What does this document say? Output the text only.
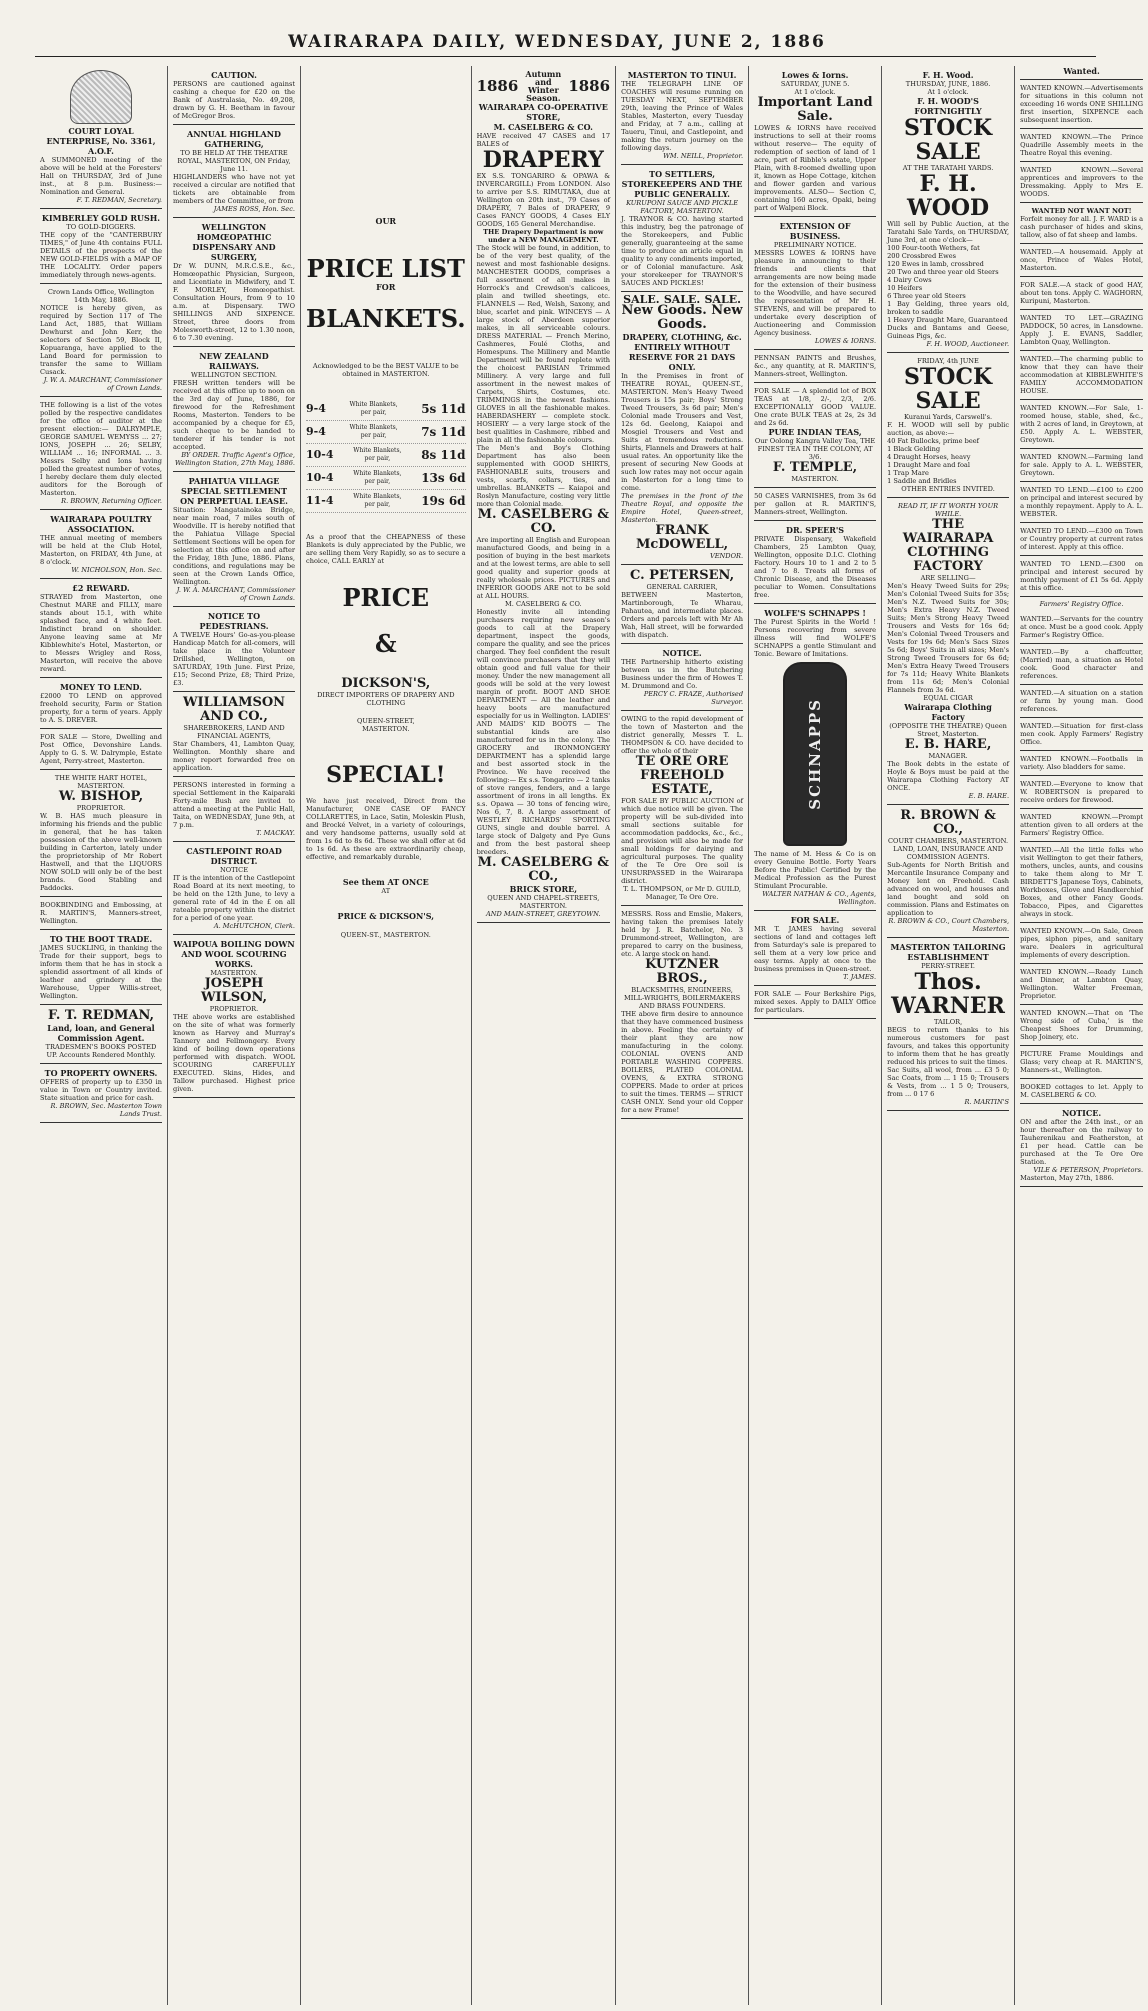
WAIRARAPA DAILY, WEDNESDAY, JUNE 2, 1886
COURT LOYAL ENTERPRISE, No. 3361, A.O.F.
A SUMMONED meeting of the above will be held at the Foresters' Hall on THURSDAY, 3rd of June inst., at 8 p.m. Business:—Nomination and General.
F. T. REDMAN, Secretary.
KIMBERLEY GOLD RUSH.
TO GOLD-DIGGERS.
THE copy of the "CANTERBURY TIMES," of June 4th contains FULL DETAILS of the prospects of the NEW GOLD-FIELDS with a MAP OF THE LOCALITY. Order papers immediately through news-agents.
Crown Lands Office, Wellington 14th May, 1886.
NOTICE is hereby given, as required by Section 117 of The Land Act, 1885, that William Dewhurst and John Kerr, the selectors of Section 59, Block II, Kopuaranga, have applied to the Land Board for permission to transfer the same to William Cusack.
J. W. A. MARCHANT, Commissioner of Crown Lands.
THE following is a list of the votes polled by the respective candidates for the office of auditor at the present election:— DALRYMPLE, GEORGE SAMUEL WEMYSS ... 27; IONS, JOSEPH ... 26; SELBY, WILLIAM ... 16; INFORMAL ... 3. Messrs Selby and Ions having polled the greatest number of votes, I hereby declare them duly elected auditors for the Borough of Masterton.
R. BROWN, Returning Officer.
WAIRARAPA POULTRY ASSOCIATION.
THE annual meeting of members will be held at the Club Hotel, Masterton, on FRIDAY, 4th June, at 8 o'clock.
W. NICHOLSON, Hon. Sec.
£2 REWARD.
STRAYED from Masterton, one Chestnut MARE and FILLY, mare stands about 15.1, with white splashed face, and 4 white feet. Indistinct brand on shoulder. Anyone leaving same at Mr Kibblewhite's Hotel, Masterton, or to Messrs Wrigley and Ross, Masterton, will receive the above reward.
MONEY TO LEND.
£2000 TO LEND on approved freehold security, Farm or Station property, for a term of years. Apply to A. S. DREVER.
FOR SALE — Store, Dwelling and Post Office, Devonshire Lands. Apply to G. S. W. Dalrymple, Estate Agent, Perry-street, Masterton.
THE WHITE HART HOTEL, MASTERTON.
W. BISHOP,
PROPRIETOR.
W. B. HAS much pleasure in informing his friends and the public in general, that he has taken possession of the above well-known building in Carterton, lately under the proprietorship of Mr Robert Hastwell, and that the LIQUORS NOW SOLD will only be of the best brands. Good Stabling and Paddocks.
BOOKBINDING and Embossing, at R. MARTIN'S, Manners-street, Wellington.
TO THE BOOT TRADE.
JAMES SUCKLING, in thanking the Trade for their support, begs to inform them that he has in stock a splendid assortment of all kinds of leather and grindery at the Warehouse, Upper Willis-street, Wellington.
F. T. REDMAN,
Land, loan, and General Commission Agent.
TRADESMEN'S BOOKS POSTED UP. Accounts Rendered Monthly.
TO PROPERTY OWNERS.
OFFERS of property up to £350 in value in Town or Country invited. State situation and price for cash.
R. BROWN, Sec. Masterton Town Lands Trust.
CAUTION.
PERSONS are cautioned against cashing a cheque for £20 on the Bank of Australasia, No. 49,208, drawn by G. H. Beetham in favour of McGregor Bros.
ANNUAL HIGHLAND GATHERING,
TO BE HELD AT THE THEATRE ROYAL, MASTERTON, ON Friday, June 11.
HIGHLANDERS who have not yet received a circular are notified that tickets are obtainable from members of the Committee, or from
JAMES ROSS, Hon. Sec.
WELLINGTON HOMŒOPATHIC DISPENSARY AND SURGERY,
Dr W. DUNN, M.R.C.S.E., &c., Homœopathic Physician, Surgeon, and Licentiate in Midwifery, and T. F. MORLEY, Homœopathist. Consultation Hours, from 9 to 10 a.m. at Dispensary. TWO SHILLINGS AND SIXPENCE. Street, three doors from Molesworth-street, 12 to 1.30 noon, 6 to 7.30 evening.
NEW ZEALAND RAILWAYS.
WELLINGTON SECTION.
FRESH written tenders will be received at this office up to noon on the 3rd day of June, 1886, for firewood for the Refreshment Rooms, Masterton. Tenders to be accompanied by a cheque for £5, such cheque to be handed to tenderer if his tender is not accepted.
BY ORDER. Traffic Agent's Office, Wellington Station, 27th May, 1886.
PAHIATUA VILLAGE SPECIAL SETTLEMENT ON PERPETUAL LEASE.
Situation: Mangatainoka Bridge, near main road, 7 miles south of Woodville. IT is hereby notified that the Pahiatua Village Special Settlement Sections will be open for selection at this office on and after the Friday, 18th June, 1886. Plans, conditions, and regulations may be seen at the Crown Lands Office, Wellington.
J. W. A. MARCHANT, Commissioner of Crown Lands.
NOTICE TO PEDESTRIANS.
A TWELVE Hours' Go-as-you-please Handicap Match for all-comers, will take place in the Volunteer Drillshed, Wellington, on SATURDAY, 19th June. First Prize, £15; Second Prize, £8; Third Prize, £3.
WILLIAMSON AND CO.,
SHAREBROKERS, LAND AND FINANCIAL AGENTS,
Star Chambers, 41, Lambton Quay, Wellington. Monthly share and money report forwarded free on application.
PERSONS interested in forming a special Settlement in the Kaiparaki Forty-mile Bush are invited to attend a meeting at the Public Hall, Taita, on WEDNESDAY, June 9th, at 7 p.m.
T. MACKAY.
CASTLEPOINT ROAD DISTRICT.
NOTICE
IT is the intention of the Castlepoint Road Board at its next meeting, to be held on the 12th June, to levy a general rate of 4d in the £ on all rateable property within the district for a period of one year.
A. McHUTCHON, Clerk.
WAIPOUA BOILING DOWN AND WOOL SCOURING WORKS.
MASTERTON.
JOSEPH WILSON,
PROPRIETOR.
THE above works are established on the site of what was formerly known as Harvey and Murray's Tannery and Fellmongery. Every kind of boiling down operations performed with dispatch. WOOL SCOURING CAREFULLY EXECUTED. Skins, Hides, and Tallow purchased. Highest price given.
OUR
PRICE LIST
FOR
BLANKETS.
Acknowledged to be the BEST VALUE to be obtained in MASTERTON.
9-4	White Blankets, per pair,	5s 11d
9-4	White Blankets, per pair,	7s 11d
10-4	White Blankets, per pair,	8s 11d
10-4	White Blankets, per pair,	13s 6d
11-4	White Blankets, per pair,	19s 6d
As a proof that the CHEAPNESS of these Blankets is duly appreciated by the Public, we are selling them Very Rapidly, so as to secure a choice, CALL EARLY at
PRICE
&
DICKSON'S,
DIRECT IMPORTERS OF DRAPERY AND CLOTHING
QUEEN-STREET,
MASTERTON.
SPECIAL!
We have just received, Direct from the Manufacturer, ONE CASE OF FANCY COLLARETTES, in Lace, Satin, Moleskin Plush, and Brocké Velvet, in a variety of colourings, and very handsome patterns, usually sold at from 1s 6d to 8s 6d. These we shall offer at 6d to 1s 6d. As these are extraordinarily cheap, effective, and remarkably durable,
See them AT ONCE
AT
PRICE & DICKSON'S,
QUEEN-ST., MASTERTON.
1886
Autumn and Winter Season.
1886
WAIRARAPA CO-OPERATIVE STORE,
M. CASELBERG & CO.
HAVE received 47 CASES and 17 BALES of
DRAPERY
EX S.S. TONGARIRO & OPAWA & INVERCARGILL) From LONDON. Also to arrive per S.S. RIMUTAKA, due at Wellington on 20th inst., 79 Cases of DRAPERY, 7 Bales of DRAPERY, 9 Cases FANCY GOODS, 4 Cases ELY GOODS, 165 General Merchandise.
THE Drapery Department is now under a NEW MANAGEMENT.
The Stock will be found, in addition, to be of the very best quality, of the newest and most fashionable designs. MANCHESTER GOODS, comprises a full assortment of all makes in Horrock's and Crewdson's calicoes, plain and twilled sheetings, etc. FLANNELS — Red, Welsh, Saxony, and blue, scarlet and pink. WINCEYS — A large stock of Aberdeen superior makes, in all serviceable colours. DRESS MATERIAL — French Merino, Cashmeres, Foulé Cloths, and Homespuns. The Millinery and Mantle Department will be found replete with the choicest PARISIAN Trimmed Millinery. A very large and full assortment in the newest makes of Carpets, Shirts, Costumes, etc. TRIMMINGS in the newest fashions. GLOVES in all the fashionable makes. HABERDASHERY — complete stock. HOSIERY — a very large stock of the best qualities in Cashmere, ribbed and plain in all the fashionable colours.
The Men's and Boy's Clothing Department has also been supplemented with GOOD SHIRTS, FASHIONABLE suits, trousers and vests, scarfs, collars, ties, and umbrellas. BLANKETS — Kaiapoi and Roslyn Manufacture, costing very little more than Colonial made.
M. CASELBERG & CO.
Are importing all English and European manufactured Goods, and being in a position of buying in the best markets and at the lowest terms, are able to sell good quality and superior goods at really wholesale prices. PICTURES and INFERIOR GOODS ARE not to be sold at ALL HOURS.
M. CASELBERG & CO.
Honestly invite all intending purchasers requiring new season's goods to call at the Drapery department, inspect the goods, compare the quality, and see the prices charged. They feel confident the result will convince purchasers that they will obtain good and full value for their money. Under the new management all goods will be sold at the very lowest margin of profit. BOOT AND SHOE DEPARTMENT — All the leather and heavy boots are manufactured especially for us in Wellington. LADIES' AND MAIDS' KID BOOTS — The substantial kinds are also manufactured for us in the colony. The GROCERY and IRONMONGERY DEPARTMENT has a splendid large and best assorted stock in the Province. We have received the following:— Ex s.s. Tongariro — 2 tanks of stove ranges, fenders, and a large assortment of irons in all lengths. Ex s.s. Opawa — 30 tons of fencing wire, Nos 6, 7, 8. A large assortment of WESTLEY RICHARDS' SPORTING GUNS, single and double barrel. A large stock of Dalgety and Pye Guns and from the best pastoral sheep breeders.
M. CASELBERG & CO.,
BRICK STORE,
QUEEN AND CHAPEL-STREETS, MASTERTON.
AND MAIN-STREET, GREYTOWN.
MASTERTON TO TINUI.
THE TELEGRAPH LINE OF COACHES will resume running on TUESDAY NEXT, SEPTEMBER 29th, leaving the Prince of Wales Stables, Masterton, every Tuesday and Friday, at 7 a.m., calling at Taueru, Tinui, and Castlepoint, and making the return journey on the following days.
WM. NEILL, Proprietor.
TO SETTLERS, STOREKEEPERS AND THE PUBLIC GENERALLY.
KURUPONI SAUCE AND PICKLE FACTORY, MASTERTON.
J. TRAYNOR & CO. having started this industry, beg the patronage of the Storekeepers, and Public generally, guaranteeing at the same time to produce an article equal in quality to any condiments imported, or of Colonial manufacture. Ask your storekeeper for TRAYNOR'S SAUCES AND PICKLES!
SALE. SALE. SALE.
New Goods. New Goods.
DRAPERY, CLOTHING, &c. ENTIRELY WITHOUT RESERVE FOR 21 DAYS ONLY.
In the Premises in front of THEATRE ROYAL, QUEEN-ST., MASTERTON. Men's Heavy Tweed Trousers is 15s pair; Boys' Strong Tweed Trousers, 3s 6d pair; Men's Colonial made Trousers and Vest, 12s 6d. Geelong, Kaiapoi and Mosgiel Trousers and Vest and Suits at tremendous reductions. Shirts, Flannels and Drawers at half usual rates. An opportunity like the present of securing New Goods at such low rates may not occur again in Masterton for a long time to come.
The premises in the front of the Theatre Royal, and opposite the Empire Hotel, Queen-street, Masterton.
FRANK McDOWELL,
VENDOR.
C. PETERSEN,
GENERAL CARRIER,
BETWEEN Masterton, Martinborough, Te Wharau, Pahautea, and intermediate places. Orders and parcels left with Mr Ah Wah, Hall street, will be forwarded with dispatch.
NOTICE.
THE Partnership hitherto existing between us in the Butchering Business under the firm of Howes T. M. Drummond and Co.
PERCY C. FRAZE, Authorised Surveyor.
OWING to the rapid development of the town of Masterton and the district generally, Messrs T. L. THOMPSON & CO. have decided to offer the whole of their
TE ORE ORE FREEHOLD ESTATE,
FOR SALE BY PUBLIC AUCTION of which due notice will be given. The property will be sub-divided into small sections suitable for accommodation paddocks, &c., &c., and provision will also be made for small holdings for dairying and agricultural purposes. The quality of the Te Ore Ore soil is UNSURPASSED in the Wairarapa district.
T. L. THOMPSON, or Mr D. GUILD, Manager, Te Ore Ore.
MESSRS. Ross and Emslie, Makers, having taken the premises lately held by J. R. Batchelor, No. 3 Drummond-street, Wellington, are prepared to carry on the business, etc. A large stock on hand.
KUTZNER BROS.,
BLACKSMITHS, ENGINEERS, MILL-WRIGHTS, BOILERMAKERS AND BRASS FOUNDERS.
THE above firm desire to announce that they have commenced business in above. Feeling the certainty of their plant they are now manufacturing in the colony. COLONIAL OVENS AND PORTABLE WASHING COPPERS. BOILERS, PLATED COLONIAL OVENS, & EXTRA STRONG COPPERS. Made to order at prices to suit the times. TERMS — STRICT CASH ONLY. Send your old Copper for a new Frame!
Lowes & Iorns.
SATURDAY, JUNE 5.
At 1 o'clock.
Important Land Sale.
LOWES & IORNS have received instructions to sell at their rooms without reserve— The equity of redemption of section of land of 1 acre, part of Ribble's estate, Upper Plain, with 8-roomed dwelling upon it, known as Hope Cottage, kitchen and flower garden and various improvements. ALSO— Section C, containing 160 acres, Opaki, being part of Walpeni Block.
EXTENSION OF BUSINESS.
PRELIMINARY NOTICE.
MESSRS LOWES & IORNS have pleasure in announcing to their friends and clients that arrangements are now being made for the extension of their business to the Woodville, and have secured the representation of Mr H. STEVENS, and will be prepared to undertake every description of Auctioneering and Commission Agency business.
LOWES & IORNS.
PENNSAN PAINTS and Brushes, &c., any quantity, at R. MARTIN'S, Manners-street, Wellington.
FOR SALE — A splendid lot of BOX TEAS at 1/8, 2/-, 2/3, 2/6. EXCEPTIONALLY GOOD VALUE. One crate BULK TEAS at 2s, 2s 3d and 2s 6d.
PURE INDIAN TEAS,
Our Oolong Kangra Valley Tea, THE FINEST TEA IN THE COLONY, AT 3/6.
F. TEMPLE,
MASTERTON.
50 CASES VARNISHES, from 3s 6d per gallon at R. MARTIN'S, Manners-street, Wellington.
DR. SPEER'S
PRIVATE Dispensary, Wakefield Chambers, 25 Lambton Quay, Wellington, opposite D.I.C. Clothing Factory. Hours 10 to 1 and 2 to 5 and 7 to 8. Treats all forms of Chronic Disease, and the Diseases peculiar to Women. Consultations free.
WOLFE'S SCHNAPPS !
The Purest Spirits in the World ! Persons recovering from severe illness will find WOLFE'S SCHNAPPS a gentle Stimulant and Tonic. Beware of Imitations.
SCHNAPPS
The name of M. Hess & Co is on every Genuine Bottle. Forty Years Before the Public! Certified by the Medical Profession as the Purest Stimulant Procurable.
WALTER NATHAN & CO., Agents, Wellington.
FOR SALE.
MR T. JAMES having several sections of land and cottages left from Saturday's sale is prepared to sell them at a very low price and easy terms. Apply at once to the business premises in Queen-street.
T. JAMES.
FOR SALE — Four Berkshire Pigs, mixed sexes. Apply to DAILY Office for particulars.
F. H. Wood.
THURSDAY, JUNE, 1886.
At 1 o'clock.
F. H. WOOD'S FORTNIGHTLY
STOCK SALE
AT THE TARATAHI YARDS.
F. H. WOOD
Will sell by Public Auction, at the Taratahi Sale Yards, on THURSDAY, June 3rd, at one o'clock—
100 Four-tooth Wethers, fat
200 Crossbred Ewes
120 Ewes in lamb, crossbred
20 Two and three year old Steers
4 Dairy Cows
10 Heifers
6 Three year old Steers
1 Bay Gelding, three years old, broken to saddle
1 Heavy Draught Mare, Guaranteed
Ducks and Bantams and Geese, Guineas Pigs, &c.
F. H. WOOD, Auctioneer.
FRIDAY, 4th JUNE
STOCK SALE
Kuranui Yards, Carswell's.
F. H. WOOD will sell by public auction, as above:—
40 Fat Bullocks, prime beef
1 Black Gelding
4 Draught Horses, heavy
1 Draught Mare and foal
1 Trap Mare
1 Saddle and Bridles
OTHER ENTRIES INVITED.
READ IT, IF IT WORTH YOUR WHILE.
THE WAIRARAPA CLOTHING FACTORY
ARE SELLING—
Men's Heavy Tweed Suits for 29s; Men's Colonial Tweed Suits for 35s; Men's N.Z. Tweed Suits for 30s; Men's Extra Heavy N.Z. Tweed Suits; Men's Strong Heavy Tweed Trousers and Vests for 16s 6d; Men's Colonial Tweed Trousers and Vests for 19s 6d; Men's Sacs Sizes 5s 6d; Boys' Suits in all sizes; Men's Strong Tweed Trousers for 6s 6d; Men's Extra Heavy Tweed Trousers for 7s 11d; Heavy White Blankets from 11s 6d; Men's Colonial Flannels from 3s 6d.
EQUAL CIGAR
Wairarapa Clothing Factory
(OPPOSITE THE THEATRE) Queen Street, Masterton.
E. B. HARE,
MANAGER.
The Book debts in the estate of Hoyle & Boys must be paid at the Wairarapa Clothing Factory AT ONCE.
E. B. HARE.
R. BROWN & CO.,
COURT CHAMBERS, MASTERTON.
LAND, LOAN, INSURANCE AND COMMISSION AGENTS.
Sub-Agents for North British and Mercantile Insurance Company and Money lent on Freehold. Cash advanced on wool, and houses and land bought and sold on commission. Plans and Estimates on application to
R. BROWN & CO., Court Chambers, Masterton.
MASTERTON TAILORING ESTABLISHMENT
PERRY-STREET.
Thos. WARNER
TAILOR,
BEGS to return thanks to his numerous customers for past favours, and takes this opportunity to inform them that he has greatly reduced his prices to suit the times.
Sac Suits, all wool, from ... £3 5 0; Sac Coats, from ... 1 15 0; Trousers & Vests, from ... 1 5 0; Trousers, from ... 0 17 6
R. MARTIN'S
Wanted.
WANTED KNOWN.—Advertisements for situations in this column not exceeding 16 words ONE SHILLING first insertion, SIXPENCE each subsequent insertion.
WANTED KNOWN.—The Prince Quadrille Assembly meets in the Theatre Royal this evening.
WANTED KNOWN.—Several apprentices and improvers to the Dressmaking. Apply to Mrs E. WOODS.
WANTED NOT WANT NOT!
Forfeit money for all. J. F. WARD is a cash purchaser of hides and skins, tallow, also of fat sheep and lambs.
WANTED.—A housemaid. Apply at once, Prince of Wales Hotel, Masterton.
FOR SALE.—A stack of good HAY, about ten tons. Apply C. WAGHORN, Kuripuni, Masterton.
WANTED TO LET.—GRAZING PADDOCK, 50 acres, in Lansdowne. Apply J. E. EVANS, Saddler, Lambton Quay, Wellington.
WANTED.—The charming public to know that they can have their accommodation at KIBBLEWHITE'S FAMILY ACCOMMODATION HOUSE.
WANTED KNOWN.—For Sale, 1-roomed house, stable, shed, &c., with 2 acres of land, in Greytown, at £50. Apply A. L. WEBSTER, Greytown.
WANTED KNOWN.—Farming land for sale. Apply to A. L. WEBSTER, Greytown.
WANTED TO LEND.—£100 to £200 on principal and interest secured by a monthly repayment. Apply to A. L. WEBSTER.
WANTED TO LEND.—£300 on Town or Country property at current rates of interest. Apply at this office.
WANTED TO LEND.—£300 on principal and interest secured by monthly payment of £1 5s 6d. Apply at this office.
Farmers' Registry Office.
WANTED.—Servants for the country at once. Must be a good cook. Apply Farmer's Registry Office.
WANTED.—By a chaffcutter, (Married) man, a situation as Hotel cook. Good character and references.
WANTED.—A situation on a station or farm by young man. Good references.
WANTED.—Situation for first-class men cook. Apply Farmers' Registry Office.
WANTED KNOWN.—Footballs in variety. Also bladders for same.
WANTED.—Everyone to know that W. ROBERTSON is prepared to receive orders for firewood.
WANTED KNOWN.—Prompt attention given to all orders at the Farmers' Registry Office.
WANTED.—All the little folks who visit Wellington to get their fathers, mothers, uncles, aunts, and cousins to take them along to Mr T. BIRDETT'S Japanese Toys, Cabinets, Workboxes, Glove and Handkerchief Boxes, and other Fancy Goods. Tobacco, Pipes, and Cigarettes always in stock.
WANTED KNOWN.—On Sale, Green pipes, siphon pipes, and sanitary ware. Dealers in agricultural implements of every description.
WANTED KNOWN.—Ready Lunch and Dinner, at Lambton Quay, Wellington. Walter Freeman, Proprietor.
WANTED KNOWN.—That on 'The Wrong side of Cuba,' is the Cheapest Shoes for Drumming, Shop Joinery, etc.
PICTURE Frame Mouldings and Glass; very cheap at R. MARTIN'S, Manners-st., Wellington.
BOOKED cottages to let. Apply to M. CASELBERG & CO.
NOTICE.
ON and after the 24th inst., or an hour thereafter on the railway to Tauherenikau and Featherston, at £1 per head. Cattle can be purchased at the Te Ore Ore Station.
VILE & PETERSON, Proprietors.
Masterton, May 27th, 1886.
